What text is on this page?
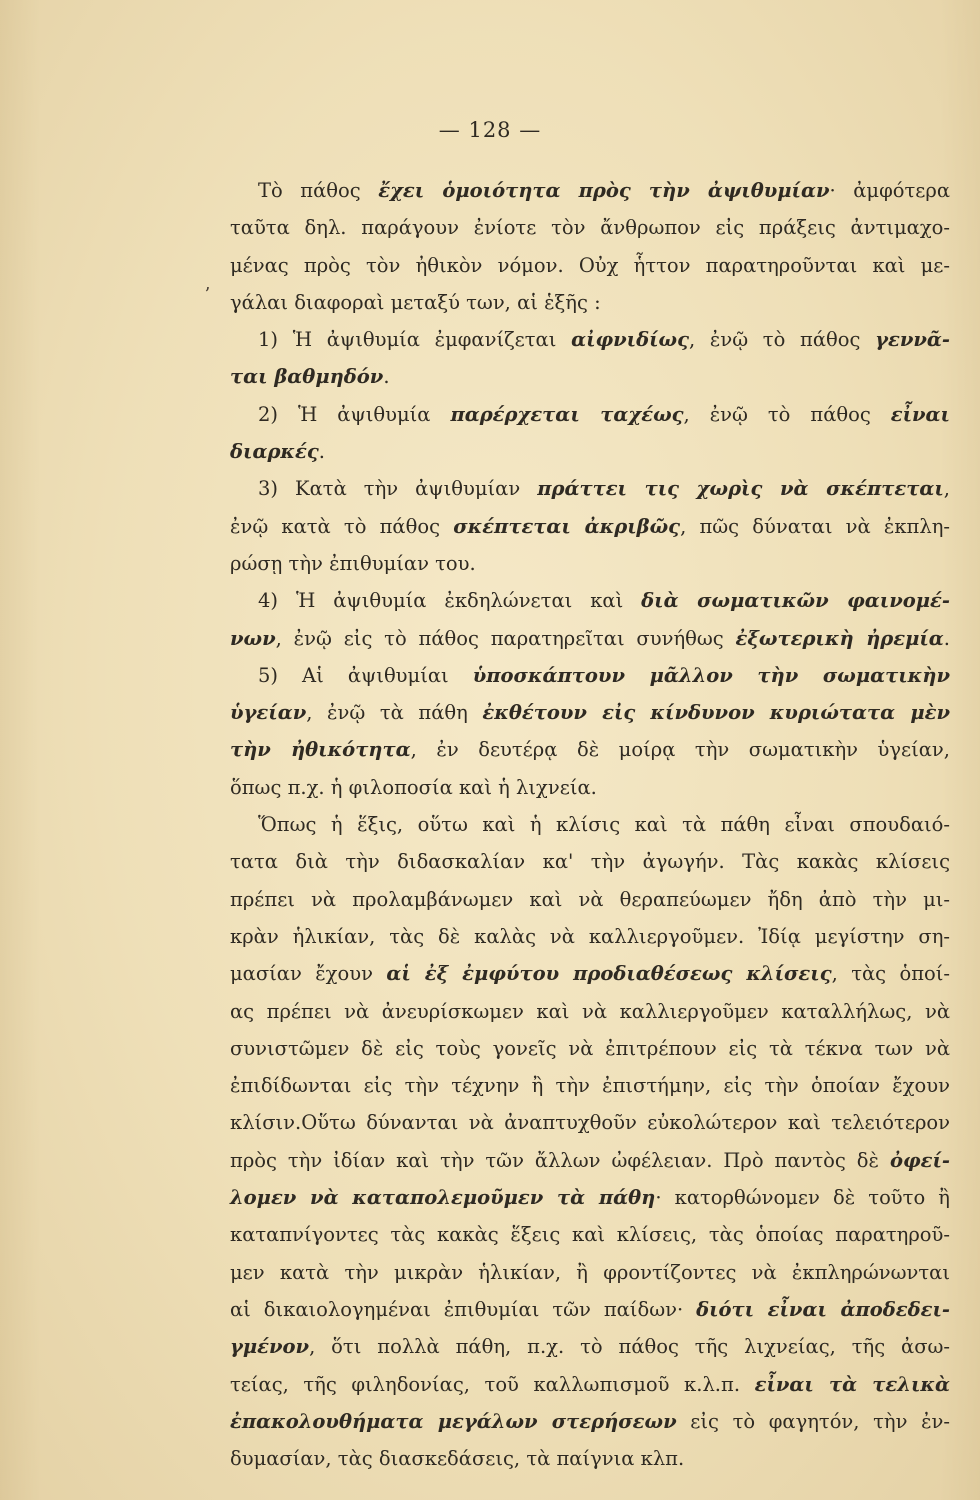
— 128 —
ʼ
Τὸ πάθος ἔχει ὁμοιότητα πρὸς τὴν ἀψιθυμίαν· ἀμφότερα
ταῦτα δηλ. παράγουν ἐνίοτε τὸν ἄνθρωπον εἰς πράξεις ἀντιμαχο-
μένας πρὸς τὸν ἠθικὸν νόμον. Οὐχ ἧττον παρατηροῦνται καὶ με-
γάλαι διαφοραὶ μεταξύ των, αἱ ἑξῆς :
1) Ἡ ἀψιθυμία ἐμφανίζεται αἰφνιδίως, ἐνῷ τὸ πάθος γεννᾶ-
ται βαθμηδόν.
2) Ἡ ἀψιθυμία παρέρχεται ταχέως, ἐνῷ τὸ πάθος εἶναι
διαρκές.
3) Κατὰ τὴν ἀψιθυμίαν πράττει τις χωρὶς νὰ σκέπτεται,
ἐνῷ κατὰ τὸ πάθος σκέπτεται ἀκριβῶς, πῶς δύναται νὰ ἐκπλη-
ρώσῃ τὴν ἐπιθυμίαν του.
4) Ἡ ἀψιθυμία ἐκδηλώνεται καὶ διὰ σωματικῶν φαινομέ-
νων, ἐνῷ εἰς τὸ πάθος παρατηρεῖται συνήθως ἐξωτερικὴ ἠρεμία.
5) Αἱ ἀψιθυμίαι ὑποσκάπτουν μᾶλλον τὴν σωματικὴν
ὑγείαν, ἐνῷ τὰ πάθη ἐκθέτουν εἰς κίνδυνον κυριώτατα μὲν
τὴν ἠθικότητα, ἐν δευτέρᾳ δὲ μοίρᾳ τὴν σωματικὴν ὑγείαν,
ὅπως π.χ. ἡ φιλοποσία καὶ ἡ λιχνεία.
Ὅπως ἡ ἕξις, οὕτω καὶ ἡ κλίσις καὶ τὰ πάθη εἶναι σπουδαιό-
τατα διὰ τὴν διδασκαλίαν κα' τὴν ἀγωγήν. Τὰς κακὰς κλίσεις
πρέπει νὰ προλαμβάνωμεν καὶ νὰ θεραπεύωμεν ἤδη ἀπὸ τὴν μι-
κρὰν ἡλικίαν, τὰς δὲ καλὰς νὰ καλλιεργοῦμεν. Ἰδίᾳ μεγίστην ση-
μασίαν ἔχουν αἱ ἐξ ἐμφύτου προδιαθέσεως κλίσεις, τὰς ὁποί-
ας πρέπει νὰ ἀνευρίσκωμεν καὶ νὰ καλλιεργοῦμεν καταλλήλως, νὰ
συνιστῶμεν δὲ εἰς τοὺς γονεῖς νὰ ἐπιτρέπουν εἰς τὰ τέκνα των νὰ
ἐπιδίδωνται εἰς τὴν τέχνην ἢ τὴν ἐπιστήμην, εἰς τὴν ὁποίαν ἔχουν
κλίσιν.Οὕτω δύνανται νὰ ἀναπτυχθοῦν εὐκολώτερον καὶ τελειότερον
πρὸς τὴν ἰδίαν καὶ τὴν τῶν ἄλλων ὠφέλειαν. Πρὸ παντὸς δὲ ὀφεί-
λομεν νὰ καταπολεμοῦμεν τὰ πάθη· κατορθώνομεν δὲ τοῦτο ἢ
καταπνίγοντες τὰς κακὰς ἕξεις καὶ κλίσεις, τὰς ὁποίας παρατηροῦ-
μεν κατὰ τὴν μικρὰν ἡλικίαν, ἢ φροντίζοντες νὰ ἐκπληρώνωνται
αἱ δικαιολογημέναι ἐπιθυμίαι τῶν παίδων· διότι εἶναι ἀποδεδει-
γμένον, ὅτι πολλὰ πάθη, π.χ. τὸ πάθος τῆς λιχνείας, τῆς ἀσω-
τείας, τῆς φιληδονίας, τοῦ καλλωπισμοῦ κ.λ.π. εἶναι τὰ τελικὰ
ἐπακολουθήματα μεγάλων στερήσεων εἰς τὸ φαγητόν, τὴν ἐν-
δυμασίαν, τὰς διασκεδάσεις, τὰ παίγνια κλπ.
